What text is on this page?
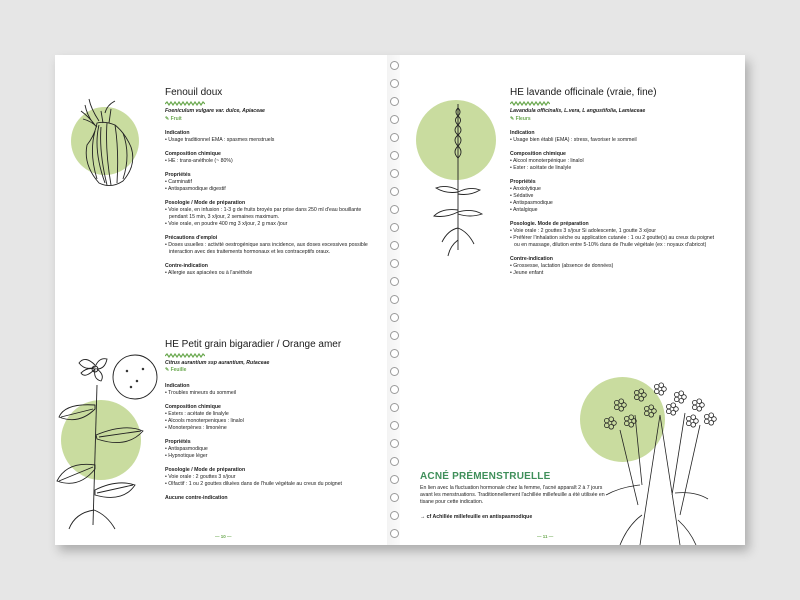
Fenouil doux
Foeniculum vulgare var. dulce, Apiaceae
✎ Fruit
Indication
• Usage traditionnel EMA : spasmes menstruels
Composition chimique
• HE : trans-anéthole (~ 80%)
Propriétés
• Carminatif
• Antispasmodique digestif
Posologie / Mode de préparation
• Voie orale, en infusion : 1-3 g de fruits broyés par prise dans 250 ml d'eau bouillante pendant 15 min, 3 x/jour, 2 semaines maximum.
• Voie orale, en poudre 400 mg 3 x/jour, 2 g max /jour
Précautions d'emploi
• Doses usuelles : activité oestrogénique sans incidence, aux doses excessives possible interaction avec des traitements hormonaux et les contraceptifs oraux.
Contre-indication
• Allergie aux apiacées ou à l'anéthole
HE Petit grain bigaradier / Orange amer
Citrus aurantium ssp aurantium, Rutaceae
✎ Feuille
Indication
• Troubles mineurs du sommeil
Composition chimique
• Esters : acétate de linalyle
• Alcools monoterpeniques : linalol
• Monoterpènes : limonène
Propriétés
• Antispasmodique
• Hypnotique léger
Posologie / Mode de préparation
• Voie orale : 2 gouttes 3 x/jour
• Olfactif : 1 ou 2 gouttes diluées dans de l'huile végétale au creux du poignet
Aucune contre-indication
— 10 —
HE lavande officinale (vraie, fine)
Lavandula officinalis, L.vera, L angustifolia, Lamiaceae
✎ Fleurs
Indication
• Usage bien établi (EMA) : stress, favoriser le sommeil
Composition chimique
• Alcool monoterpénique : linalol
• Ester : acétate de linalyle
Propriétés
• Anxiolytique
• Sédative
• Antispasmodique
• Antalgique
Posologie. Mode de préparation
• Voie orale : 2 gouttes 3 x/jour Si adolescente, 1 goutte 3 x/jour
• Préférer l'inhalation sèche ou application cutanée : 1 ou 2 goutte(s) au creux du poignet ou en massage, dilution entre 5-10% dans de l'huile végétale (ex : noyaux d'abricot)
Contre-indication
• Grossesse, lactation (absence de données)
• Jeune enfant
ACNÉ PRÉMENSTRUELLE
En lien avec la fluctuation hormonale chez la femme, l'acné apparaît 2 à 7 jours avant les menstruations. Traditionnellement l'achillée millefeuille a été utilisée en tisane pour cette indication.
→ cf Achillée millefeuille en antispasmodique
— 11 —
